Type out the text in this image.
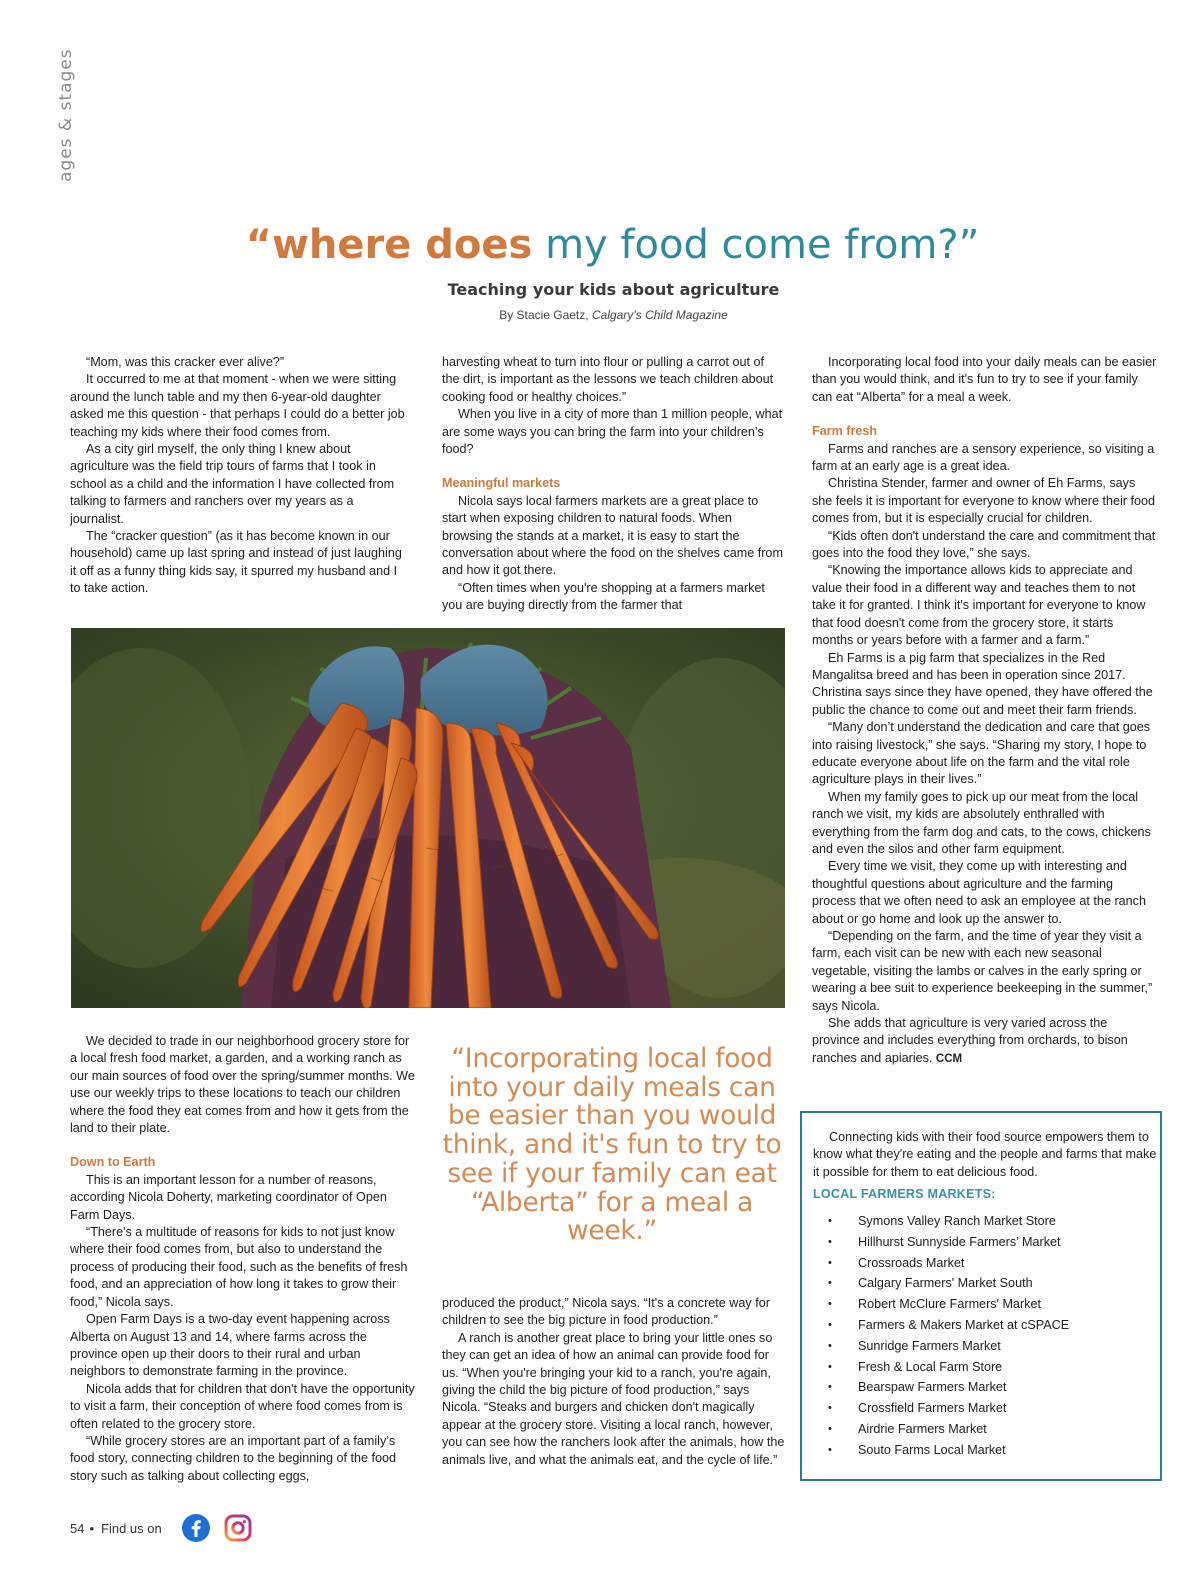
ages & stages
“where does my food come from?”
Teaching your kids about agriculture
By Stacie Gaetz, Calgary’s Child Magazine

“Mom, was this cracker ever alive?”

It occurred to me at that moment - when we were sitting around the lunch table and my then 6-year-old daughter asked me this question - that perhaps I could do a better job teaching my kids where their food comes from.

As a city girl myself, the only thing I knew about agriculture was the field trip tours of farms that I took in school as a child and the information I have collected from talking to farmers and ranchers over my years as a journalist.

The “cracker question” (as it has become known in our household) came up last spring and instead of just laughing it off as a funny thing kids say, it spurred my husband and I to take action.

harvesting wheat to turn into flour or pulling a carrot out of the dirt, is important as the lessons we teach children about cooking food or healthy choices.”

When you live in a city of more than 1 million people, what are some ways you can bring the farm into your children’s food?

Meaningful markets

Nicola says local farmers markets are a great place to start when exposing children to natural foods. When browsing the stands at a market, it is easy to start the conversation about where the food on the shelves came from and how it got there.

“Often times when you're shopping at a farmers market you are buying directly from the farmer that

We decided to trade in our neighborhood grocery store for a local fresh food market, a garden, and a working ranch as our main sources of food over the spring/summer months. We use our weekly trips to these locations to teach our children where the food they eat comes from and how it gets from the land to their plate.

Down to Earth

This is an important lesson for a number of reasons, according Nicola Doherty, marketing coordinator of Open Farm Days.

“There's a multitude of reasons for kids to not just know where their food comes from, but also to understand the process of producing their food, such as the benefits of fresh food, and an appreciation of how long it takes to grow their food,” Nicola says.

Open Farm Days is a two-day event happening across Alberta on August 13 and 14, where farms across the province open up their doors to their rural and urban neighbors to demonstrate farming in the province.

Nicola adds that for children that don't have the opportunity to visit a farm, their conception of where food comes from is often related to the grocery store.

“While grocery stores are an important part of a family’s food story, connecting children to the beginning of the food story such as talking about collecting eggs,

“Incorporating local food into your daily meals can be easier than you would think, and it's fun to try to see if your family can eat “Alberta” for a meal a week.”

produced the product,” Nicola says. “It's a concrete way for children to see the big picture in food production.”

A ranch is another great place to bring your little ones so they can get an idea of how an animal can provide food for us. “When you're bringing your kid to a ranch, you're again, giving the child the big picture of food production,” says Nicola. “Steaks and burgers and chicken don't magically appear at the grocery store. Visiting a local ranch, however, you can see how the ranchers look after the animals, how the animals live, and what the animals eat, and the cycle of life.”

Incorporating local food into your daily meals can be easier than you would think, and it's fun to try to see if your family can eat “Alberta” for a meal a week.

Farm fresh

Farms and ranches are a sensory experience, so visiting a farm at an early age is a great idea.

Christina Stender, farmer and owner of Eh Farms, says she feels it is important for everyone to know where their food comes from, but it is especially crucial for children.

“Kids often don't understand the care and commitment that goes into the food they love,” she says.

“Knowing the importance allows kids to appreciate and value their food in a different way and teaches them to not take it for granted. I think it's important for everyone to know that food doesn't come from the grocery store, it starts months or years before with a farmer and a farm.”

Eh Farms is a pig farm that specializes in the Red Mangalitsa breed and has been in operation since 2017. Christina says since they have opened, they have offered the public the chance to come out and meet their farm friends.

“Many don’t understand the dedication and care that goes into raising livestock,” she says. “Sharing my story, I hope to educate everyone about life on the farm and the vital role agriculture plays in their lives.”

When my family goes to pick up our meat from the local ranch we visit, my kids are absolutely enthralled with everything from the farm dog and cats, to the cows, chickens and even the silos and other farm equipment.

Every time we visit, they come up with interesting and thoughtful questions about agriculture and the farming process that we often need to ask an employee at the ranch about or go home and look up the answer to.

“Depending on the farm, and the time of year they visit a farm, each visit can be new with each new seasonal vegetable, visiting the lambs or calves in the early spring or wearing a bee suit to experience beekeeping in the summer,” says Nicola.

She adds that agriculture is very varied across the province and includes everything from orchards, to bison ranches and apiaries. CCM

Connecting kids with their food source empowers them to know what they're eating and the people and farms that make it possible for them to eat delicious food.
LOCAL FARMERS MARKETS:
• Symons Valley Ranch Market Store
• Hillhurst Sunnyside Farmers’ Market
• Crossroads Market
• Calgary Farmers' Market South
• Robert McClure Farmers' Market
• Farmers & Makers Market at cSPACE
• Sunridge Farmers Market
• Fresh & Local Farm Store
• Bearspaw Farmers Market
• Crossfield Farmers Market
• Airdrie Farmers Market
• Souto Farms Local Market
54 • Find us on
